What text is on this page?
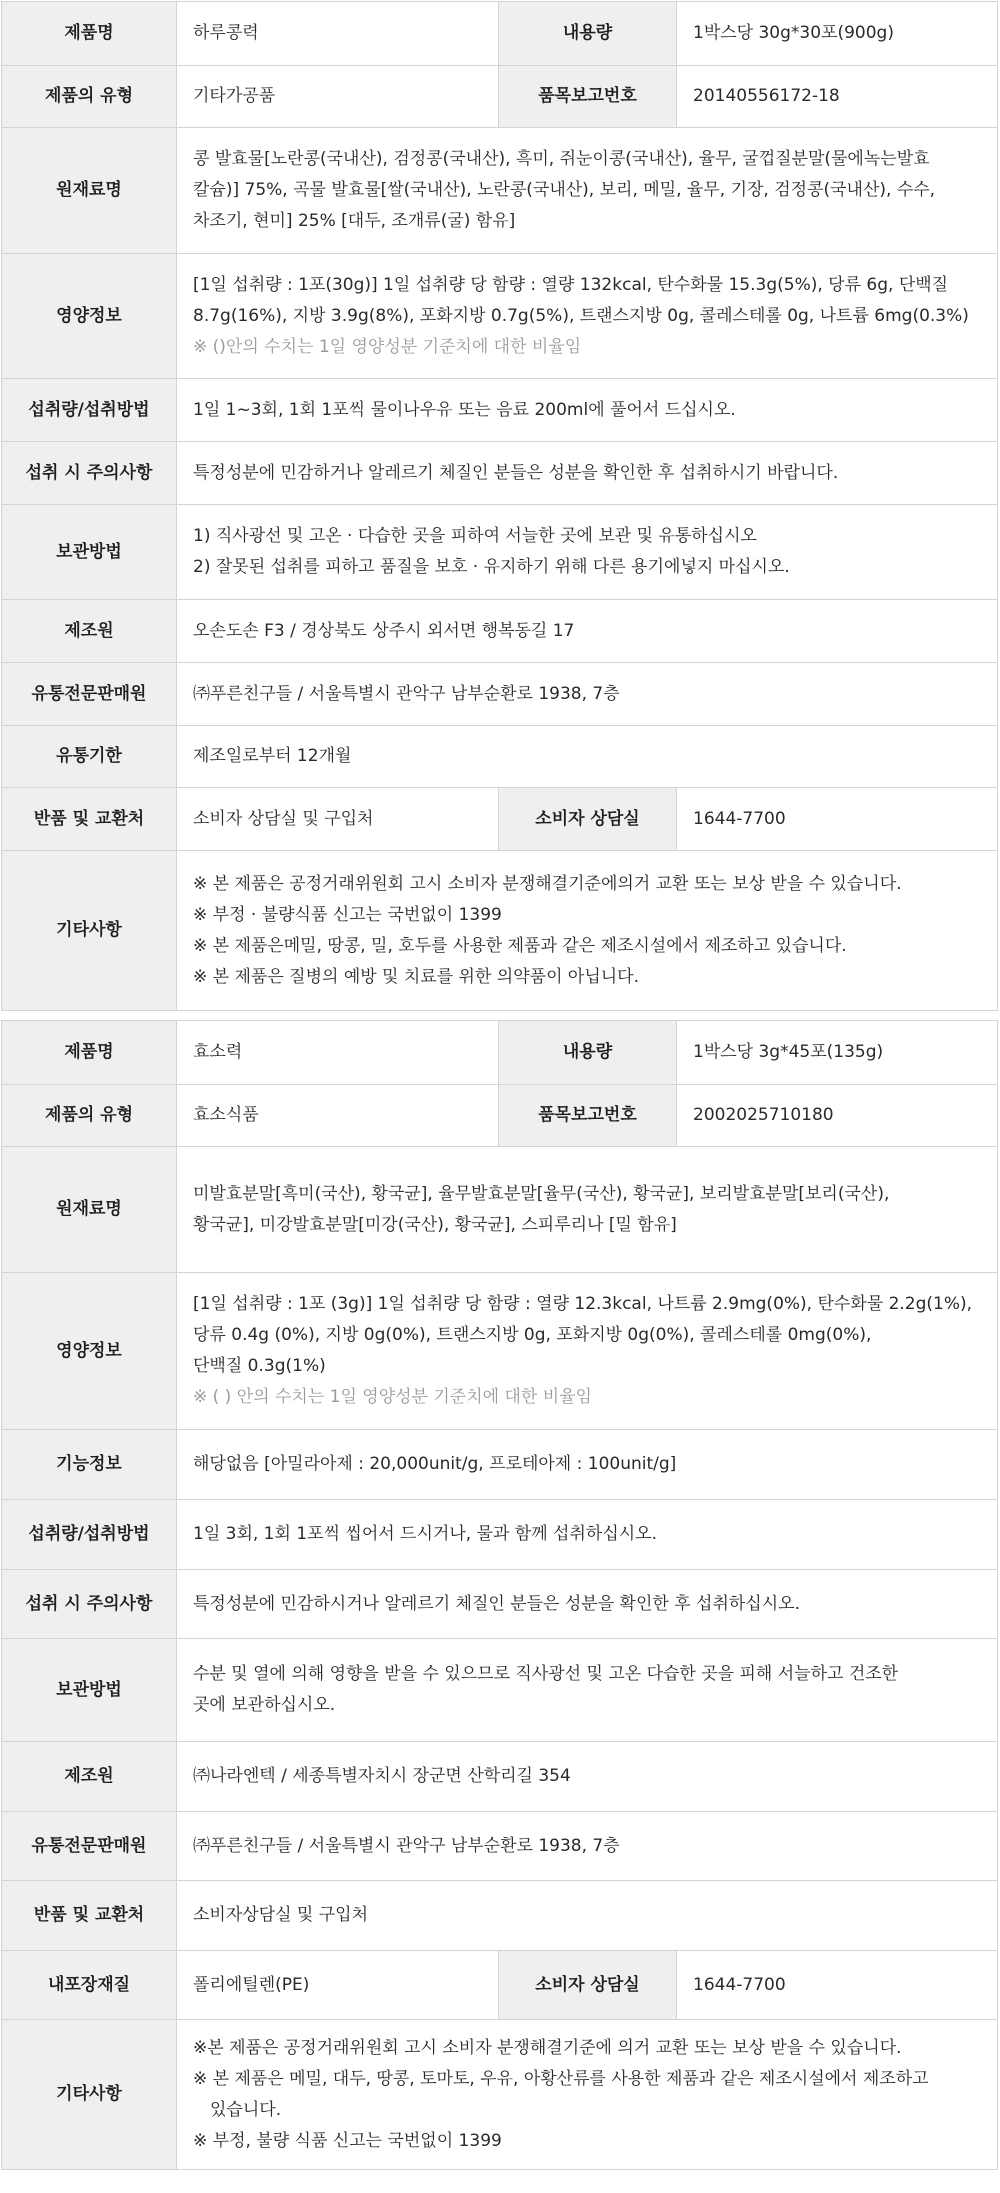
제품명	하루콩력	내용량	1박스당 30g*30포(900g)
제품의 유형	기타가공품	품목보고번호	20140556172-18
원재료명	콩 발효물[노란콩(국내산), 검정콩(국내산), 흑미, 쥐눈이콩(국내산), 율무, 굴껍질분말(물에녹는발효
칼슘)] 75%, 곡물 발효물[쌀(국내산), 노란콩(국내산), 보리, 메밀, 율무, 기장, 검정콩(국내산), 수수,
차조기, 현미] 25% [대두, 조개류(굴) 함유]		

영양정보	[1일 섭취량 : 1포(30g)] 1일 섭취량 당 함량 : 열량 132kcal, 탄수화물 15.3g(5%), 당류 6g, 단백질
8.7g(16%), 지방 3.9g(8%), 포화지방 0.7g(5%), 트랜스지방 0g, 콜레스테롤 0g, 나트륨 6mg(0.3%)
※ ()안의 수치는 1일 영양성분 기준치에 대한 비율임		

섭취량/섭취방법	1일 1~3회, 1회 1포씩 물이나우유 또는 음료 200ml에 풀어서 드십시오.		
섭취 시 주의사항	특정성분에 민감하거나 알레르기 체질인 분들은 성분을 확인한 후 섭취하시기 바랍니다.		
보관방법	1) 직사광선 및 고온 · 다습한 곳을 피하여 서늘한 곳에 보관 및 유통하십시오
2) 잘못된 섭취를 피하고 품질을 보호 · 유지하기 위해 다른 용기에넣지 마십시오.		

제조원	오손도손 F3 / 경상북도 상주시 외서면 행복동길 17		
유통전문판매원	㈜푸른친구들 / 서울특별시 관악구 남부순환로 1938, 7층		
유통기한	제조일로부터 12개월		
반품 및 교환처	소비자 상담실 및 구입처	소비자 상담실	1644-7700
기타사항	※ 본 제품은 공정거래위원회 고시 소비자 분쟁해결기준에의거 교환 또는 보상 받을 수 있습니다.
※ 부정 · 불량식품 신고는 국번없이 1399
※ 본 제품은메밀, 땅콩, 밀, 호두를 사용한 제품과 같은 제조시설에서 제조하고 있습니다.
※ 본 제품은 질병의 예방 및 치료를 위한 의약품이 아닙니다.		
제품명	효소력	내용량	1박스당 3g*45포(135g)
제품의 유형	효소식품	품목보고번호	2002025710180
원재료명	미발효분말[흑미(국산), 황국균], 율무발효분말[율무(국산), 황국균], 보리발효분말[보리(국산),
황국균], 미강발효분말[미강(국산), 황국균], 스피루리나 [밀 함유]		

영양정보	[1일 섭취량 : 1포 (3g)] 1일 섭취량 당 함량 : 열량 12.3kcal, 나트륨 2.9mg(0%), 탄수화물 2.2g(1%),
당류 0.4g (0%), 지방 0g(0%), 트랜스지방 0g, 포화지방 0g(0%), 콜레스테롤 0mg(0%),
단백질 0.3g(1%)
※ ( ) 안의 수치는 1일 영양성분 기준치에 대한 비율임		

기능정보	해당없음 [아밀라아제 : 20,000unit/g, 프로테아제 : 100unit/g]		
섭취량/섭취방법	1일 3회, 1회 1포씩 씹어서 드시거나, 물과 함께 섭취하십시오.		
섭취 시 주의사항	특정성분에 민감하시거나 알레르기 체질인 분들은 성분을 확인한 후 섭취하십시오.		
보관방법	수분 및 열에 의해 영향을 받을 수 있으므로 직사광선 및 고온 다습한 곳을 피해 서늘하고 건조한
곳에 보관하십시오.		

제조원	㈜나라엔텍 / 세종특별자치시 장군면 산학리길 354		
유통전문판매원	㈜푸른친구들 / 서울특별시 관악구 남부순환로 1938, 7층		
반품 및 교환처	소비자상담실 및 구입처		
내포장재질	폴리에틸렌(PE)	소비자 상담실	1644-7700
기타사항	※본 제품은 공정거래위원회 고시 소비자 분쟁해결기준에 의거 교환 또는 보상 받을 수 있습니다.
※ 본 제품은 메밀, 대두, 땅콩, 토마토, 우유, 아황산류를 사용한 제품과 같은 제조시설에서 제조하고
　있습니다.
※ 부정, 불량 식품 신고는 국번없이 1399		
